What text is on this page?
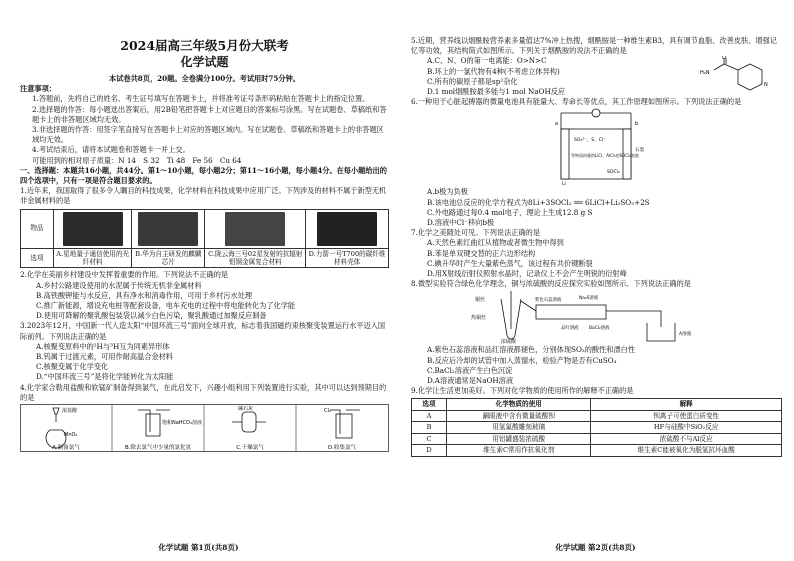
2024届高三年级5月份大联考
化学试题

本试卷共8页，20题。全卷满分100分。考试用时75分钟。

注意事项：

1.答题前，先将自己的姓名、考生证号填写在答题卡上，并将准考证号条形码粘贴在答题卡上的指定位置。

2.选择题的作答：每小题选出答案后，用2B铅笔把答题卡上对应题目的答案标号涂黑。写在试题卷、草稿纸和答题卡上的非答题区域均无效。

3.非选择题的作答：用签字笔直接写在答题卡上对应的答题区域内。写在试题卷、草稿纸和答题卡上的非答题区域均无效。

4.考试结束后，请将本试题卷和答题卡一并上交。

可能用到的相对原子质量：N 14　S 32　Ti 48　Fe 56　Cu 64

一、选择题：本题共16小题，共44分。第1～10小题，每小题2分；第11～16小题，每小题4分。在每小题给出的四个选项中，只有一项是符合题目要求的。

1.近年来，我国取得了很多令人瞩目的科技成果，化学材料在科技成果中应用广泛。下列涉及的材料不属于新型无机非金属材料的是

物品	

选项	A.星地量子通信使用的光纤材料	B.华为自主研发的麒麟芯片	C.陇云海三号02星发射的抗辐射钼铜金属复合材料	D.力箭一号T700的碳纤维材料壳体

2.化学在美丽乡村建设中发挥着重要的作用。下列说法不正确的是

A.乡村公路建设使用的水泥属于传统无机非金属材料

B.高铁酸钾能与水反应，具有净水和消毒作用，可用于乡村污水处理

C.推广新能源，增设充电桩等配套设备，电车充电的过程中将电能转化为了化学能

D.使用可降解的聚乳酸包装袋以减少白色污染，聚乳酸通过加聚反应制备

3.2023年12月，中国新一代人造太阳“中国环流三号”面向全球开放，标志着我国磁约束核聚变装置运行水平迈入国际前列。下列说法正确的是

A.核聚变原料中的²H与³H互为同素异形体

B.钨属于过渡元素，可用作耐高温合金材料

C.核聚变属于化学变化

D.“中国环流三号”是将化学能转化为太阳能

4.化学家合勒用盐酸和软锰矿制备得到氯气，在此启发下，兴趣小组利用下列装置进行实验，其中可以达到预期目的的是

浓盐酸
MnO₂
饱和NaHCO₃溶液
碱石灰	Cl₂
A.制备氯气	B.除去氯气中少量的氯化氢	C.干燥氯气	D.收集氯气
化学试题 第1页(共8页)

5.近期，营养线以烟酰胺营养素多量值达7%冲上热搜，烟酰胺是一种维生素B3，具有调节血脂、改善皮肤、增强记忆等功效，其结构简式如图所示。下列关于烟酰胺的说法不正确的是

A.C、N、O的第一电离能：O>N>C

B.环上的一氯代物有4种(不考虑立体异构)

C.所有的碳原子都是sp²杂化

D.1 mol烟酰胺最多能与1 mol NaOH反应

O
H₂N
N

6.一种用于心脏起搏器的微量电池具有能量大、寿命长等优点，其工作原理如图所示。下列说法正确的是

a	b
SO₄²⁻、S、Cl⁻
等物质的量的LiCl、AlCl₃的SOCl₂溶液
Li
石墨
SOCl₂

A.b极为负极

B.该电池总反应的化学方程式为8Li+3SOCl₂ ══ 6LiCl+Li₂SO₃+2S

C.外电路通过每0.4 mol电子，理论上生成12.8 g S

D.溶液中Cl⁻移向b极

7.化学之美随处可见。下列说法正确的是

A.天然色素红曲红从植物或者微生物中得到

B.苯是单双键交替的正六边形结构

C.碘升华时产生大量紫色蒸气，该过程有共价键断裂

D.用X射线衍射仪照射水晶时，记录仪上不会产生明锐的衍射峰

8.微型实验符合绿色化学理念，铜与浓硫酸的反应探究实验如图所示。下列说法正确的是

铜丝
热铜丝
浓硫酸
紫色石蕊溶液
品红溶液
Na₂S溶液
BaCl₂溶液
A溶液

A.紫色石蕊溶液和品红溶液都褪色，分别体现SO₂的酸性和漂白性

B.反应后冷却的试管中加入蒸馏水，检验产物是否有CuSO₄

C.BaCl₂溶液产生白色沉淀

D.A溶液通常是NaOH溶液

9.化学让生活更加美好。下列对化学物质的使用所作的解释不正确的是

选项	化学物质的使用	解释
A	涮眼液中含有微量硫酸钡	钡离子可使蛋白质变性
B	用氢氟酸雕刻玻璃	HF与硅酸中SiO₂反应
C	用铝罐盛装浓硫酸	浓硫酸不与Al反应
D	维生素C常用作抗氧化剂	维生素C能被氧化为脱氢抗坏血酸
化学试题 第2页(共8页)
